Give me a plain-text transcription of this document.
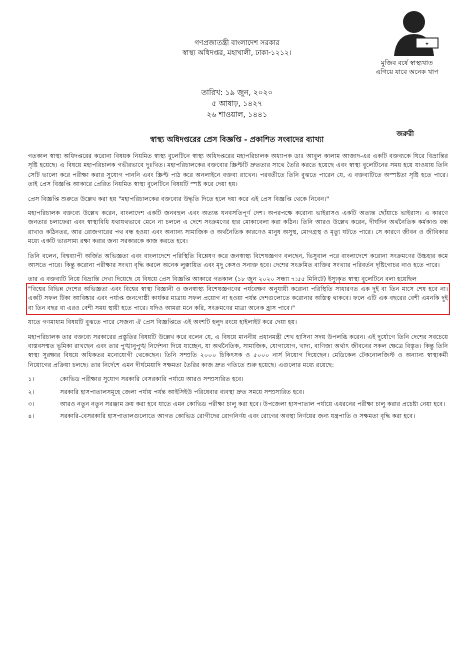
✦
মুজিব বর্ষে স্বাস্থ্যখাত
এগিয়ে যাবে অনেক খাপ
গণপ্রজাতন্ত্রী বাংলাদেশ সরকার
স্বাস্থ্য অধিদপ্তর, মহাখালী, ঢাকা-১২১২।
তারিখ: ১৯ জুন, ২০২০
৫ আষাঢ়, ১৪২৭
২৬ শাওয়াল, ১৪৪১
জরুরী
স্বাস্থ্য অধিদপ্তরের প্রেস বিজ্ঞপ্তি - প্রকাশিত সংবাদের ব্যাখ্যা

গতকাল স্বাস্থ্য অধিদপ্তরের করোনা বিষয়ক নিয়মিত স্বাস্থ্য বুলেটিনে স্বাস্থ্য অধিদপ্তরের মহাপরিচালক অধ্যাপক ডাঃ আবুল কালাম আজাদ-এর একটি বক্তব্যকে ঘিরে বিভ্রান্তির সৃষ্টি হয়েছে। এ বিষয়ে মহাপরিচালক গভীরভাবে দুঃখিত। মহাপরিচালকের বক্তব্যের স্ক্রিপ্টটি দ্রুততার সাথে তৈরি করতে হয়েছে এবং স্বাস্থ্য বুলেটিনের সময় হয়ে যাওয়ায় তিনি সেটি ভালো করে পরীক্ষা করার সুযোগ পাননি এবং স্ক্রিপ্ট পাঠ করে অনলাইনে বক্তব্য রাখেন। পরবর্তীতে তিনি বুঝতে পারেন যে, এ বক্তব্যটিতে অস্পষ্টতা সৃষ্টি হতে পারে। তাই প্রেস বিজ্ঞপ্তি আকারে প্রেরিত নিয়মিত স্বাস্থ্য বুলেটিনে বিষয়টি স্পষ্ট করে দেয়া হয়।

প্রেস বিজ্ঞপ্তি শুরুতে উল্লেখ করা হয় "মহাপরিচালকের বক্তব্যের উদ্ধৃতি দিতে হলে দয়া করে এই প্রেস বিজ্ঞপ্তি থেকে নিবেন।"

মহাপরিচালক বক্তব্যে উল্লেখ করেন, বাংলাদেশ একটি জনবহুল এবং অত্যন্ত ঘনবসতিপূর্ণ দেশ। অপরপক্ষে করোনা ভাইরাসও একটি অত্যন্ত ছোঁয়াচে ভাইরাস। এ কারণে জনতার চলাফেরা এবং স্বাস্থ্যবিধি যথাযথভাবে মেনে না চললে এ দেশে সংক্রমণের হার মোকাবেলা করা কঠিন। তিনি আরও উল্লেখ করেন, দীর্ঘদিন অর্থনৈতিক কর্মকাণ্ড বন্ধ রাখাও কঠিনতর, আর রোজগারের পথ বন্ধ হওয়া এবং অন্যান্য সামাজিক ও অর্থনৈতিক কারণেও মানুষ অসুস্থ, মোগগ্রস্থ ও মৃত্যু ঘটতে পারে। সে কারণে জীবন ও জীবিকার মধ্যে একটি ভারসাম্য রক্ষা করার জন্য সরকারকে কাজ করতে হবে।

তিনি বলেন, বিশ্বব্যাপী অর্জিত অভিজ্ঞতা এবং বাংলাদেশে পরিস্থিতি বিশ্লেষণ করে জনস্বাস্থ্য বিশেষজ্ঞগণ বলছেন, ভিসুবাল পরে বাংলাদেশে করোনা সংক্রমণের উচ্চহার কমে আসতে পারে। কিন্তু করোনা পরীক্ষার সংখ্যা বৃদ্ধি করলে অনেক লুক্কায়িত এবং মৃদু কেসও সনাক্ত হবে। দেশের সংক্রমিত ব্যক্তির সংখ্যার পরিবর্তন দৃষ্টিগোচর নাও হতে পারে।

তার এ বক্তব্যটি নিয়ে বিভ্রান্তি দেখা দিয়েছে যে বিষয়ে প্রেস বিজ্ঞপ্তি আকারে গতকাল (১৮ জুন ২০২০ সন্ধ্যা ৭:৫৫ মিনিটে) ইস্যুকৃত স্বাস্থ্য বুলেটিনে বলা হয়েছিল
"বিশ্বের বিভিন্ন দেশের অভিজ্ঞতা এবং বিশ্বের স্বাস্থ্য বিজ্ঞানী ও জনস্বাস্থ্য বিশেষজ্ঞগণের পর্যবেক্ষণ অনুযায়ী করোনা পরিস্থিতি সাধারণত এক দুই বা তিন মাসে শেষ হবে না। একটি সফল টিকা আবিষ্কার এবং পর্যাপ্ত জনগোষ্ঠী কার্যকর মাত্রায় সফল প্রয়োগ না হওয়া পর্যন্ত দেশগুলোতে করোনার অস্তিত্ব থাকবে। ফলে এটি এক বছরের বেশী এমনকি দুই বা তিন বছর বা এরও বেশী সময় স্থায়ী হতে পারে। যদিও আমরা মনে করি, সংক্রমণের মাত্রা অনেক হ্রাস পাবে।"

যাতে গণমাধ্যম বিষয়টি বুঝতে পারে সেজন্য ঐ প্রেস বিজ্ঞপ্তিতে এই অংশটি হলুদ রংয়ে হাইলাইট করে দেয়া হয়।

মহাপরিচালক তার বক্তব্যে সরকারের প্রস্তুতির বিষয়টি উল্লেখ করে বলেন যে, এ বিষয়ে মাননীয় প্রধানমন্ত্রী শেখ হাসিনা সদয় উপলব্ধি করেন। এই দুর্যোগে তিনি দেশের সবচেয়ে বাস্তবসম্মত ভূমিকা রাখছেন এবং তার পুঙ্খানুপুঙ্খ নির্দেশনা দিয়ে যাচ্ছেন, যা অর্থনৈতিক, সামাজিক, যোগাযোগ, খাদ্য, বাণিজ্য অর্থাৎ জীবনের সকল ক্ষেত্রে বিস্তৃত। কিন্তু তিনি স্বাস্থ্য সুরক্ষার বিষয়ে অধিকতর মনোযোগী থেকেছেন। তিনি সম্প্রতি ২০০০ চিকিৎসক ও ৫০০০ নার্স নিয়োগ দিয়েছেন। মেডিকেল টেকনোলজিস্ট ও অন্যান্য স্বাস্থ্যকর্মী নিয়োগের প্রক্রিয়া চলছে। তার নির্দেশে এমন দীর্ঘমেয়াদি সক্ষমতা তৈরির কাজ দ্রুত গতিতে শুরু হয়েছে। এগুলোর মধ্যে রয়েছে:

১।	কোভিড পরীক্ষার সুযোগ সরকারি বেসরকারি পর্যায়ে আরও সম্প্রসারিত হবে।
২।	সরকারি হাসপাতালসমূহে জেলা পর্যায় পর্যন্ত আইসিইউ পরিষেবার ব্যবস্থা দ্রুত সময়ে সম্প্রসারিত হবে।
৩।	আরও নতুন নতুন সরঞ্জাম ক্রয় করা হবে যাতে এমন কোভিড পরীক্ষা চালু করা হবে। উপজেলা হাসপাতাল পর্যায়ে এধরনের পরীক্ষা চালু করার প্রচেষ্টা নেয়া হবে।
৪।	সরকারি-বেসরকারি হাসপাতালগুলোতে আগত কোভিড রোগীদের রোগনির্ণয় এবং রোগের অবস্থা নির্ণয়ের জন্য যন্ত্রপাতি ও সক্ষমতা বৃদ্ধি করা হবে।
